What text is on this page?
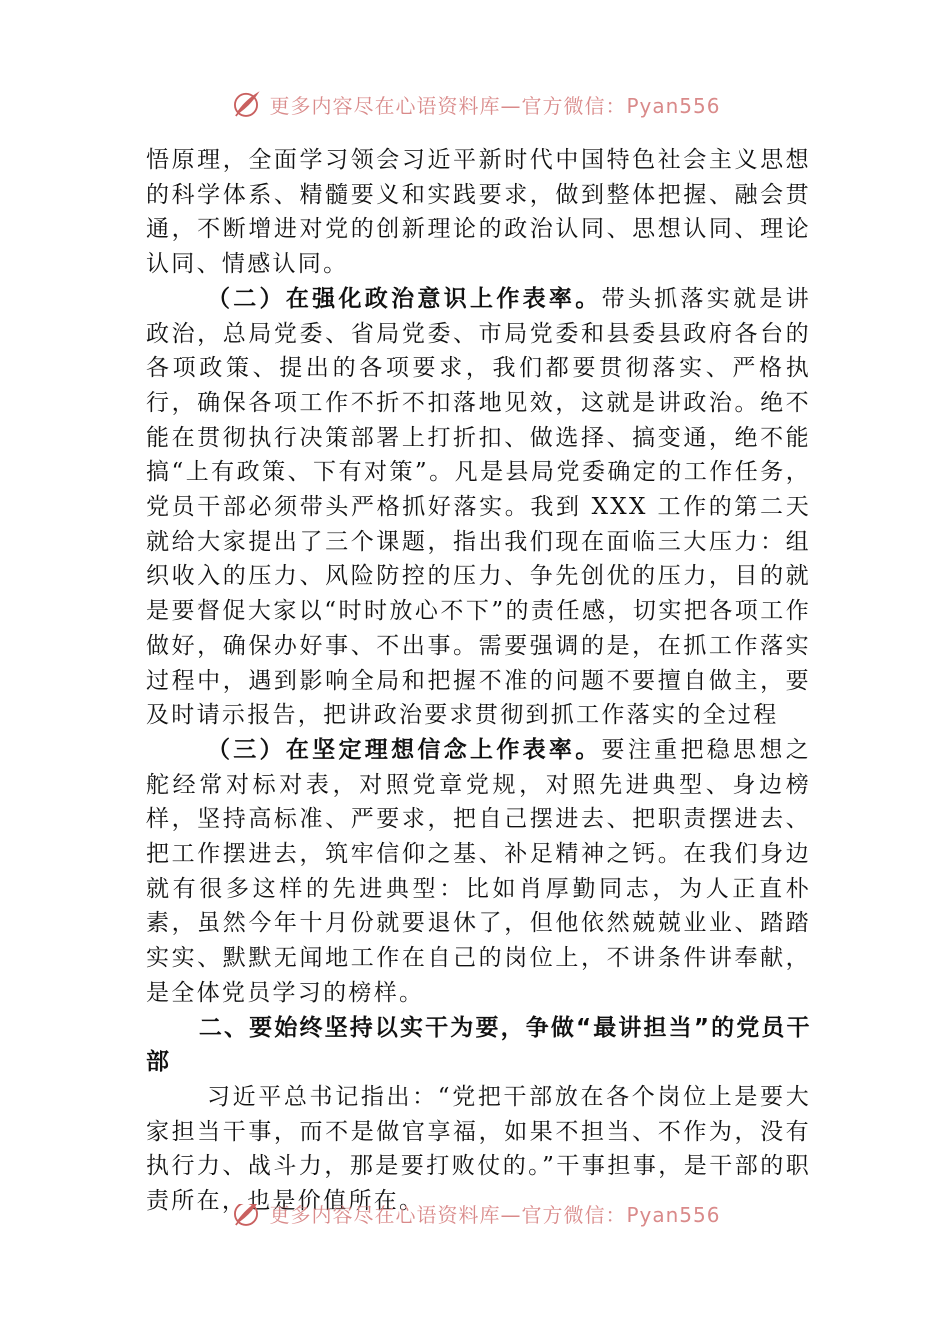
更多内容尽在心语资料库—官方微信：Pyan556

悟原理，全面学习领会习近平新时代中国特色社会主义思想的科学体系、精髓要义和实践要求，做到整体把握、融会贯通，不断增进对党的创新理论的政治认同、思想认同、理论认同、情感认同。

（二）在强化政治意识上作表率。带头抓落实就是讲政治，总局党委、省局党委、市局党委和县委县政府各台的各项政策、提出的各项要求，我们都要贯彻落实、严格执行，确保各项工作不折不扣落地见效，这就是讲政治。绝不能在贯彻执行决策部署上打折扣、做选择、搞变通，绝不能搞“上有政策、下有对策”。凡是县局党委确定的工作任务，党员干部必须带头严格抓好落实。我到 XXX 工作的第二天就给大家提出了三个课题，指出我们现在面临三大压力：组织收入的压力、风险防控的压力、争先创优的压力，目的就是要督促大家以“时时放心不下”的责任感，切实把各项工作做好，确保办好事、不出事。需要强调的是，在抓工作落实过程中，遇到影响全局和把握不准的问题不要擅自做主，要及时请示报告，把讲政治要求贯彻到抓工作落实的全过程

（三）在坚定理想信念上作表率。要注重把稳思想之舵经常对标对表，对照党章党规，对照先进典型、身边榜样，坚持高标准、严要求，把自己摆进去、把职责摆进去、把工作摆进去，筑牢信仰之基、补足精神之钙。在我们身边就有很多这样的先进典型：比如肖厚勤同志，为人正直朴素，虽然今年十月份就要退休了，但他依然兢兢业业、踏踏实实、默默无闻地工作在自己的岗位上，不讲条件讲奉献，是全体党员学习的榜样。

二、要始终坚持以实干为要，争做“最讲担当”的党员干部

习近平总书记指出：“党把干部放在各个岗位上是要大家担当干事，而不是做官享福，如果不担当、不作为，没有执行力、战斗力，那是要打败仗的。”干事担事，是干部的职责所在，也是价值所在。

更多内容尽在心语资料库—官方微信：Pyan556
